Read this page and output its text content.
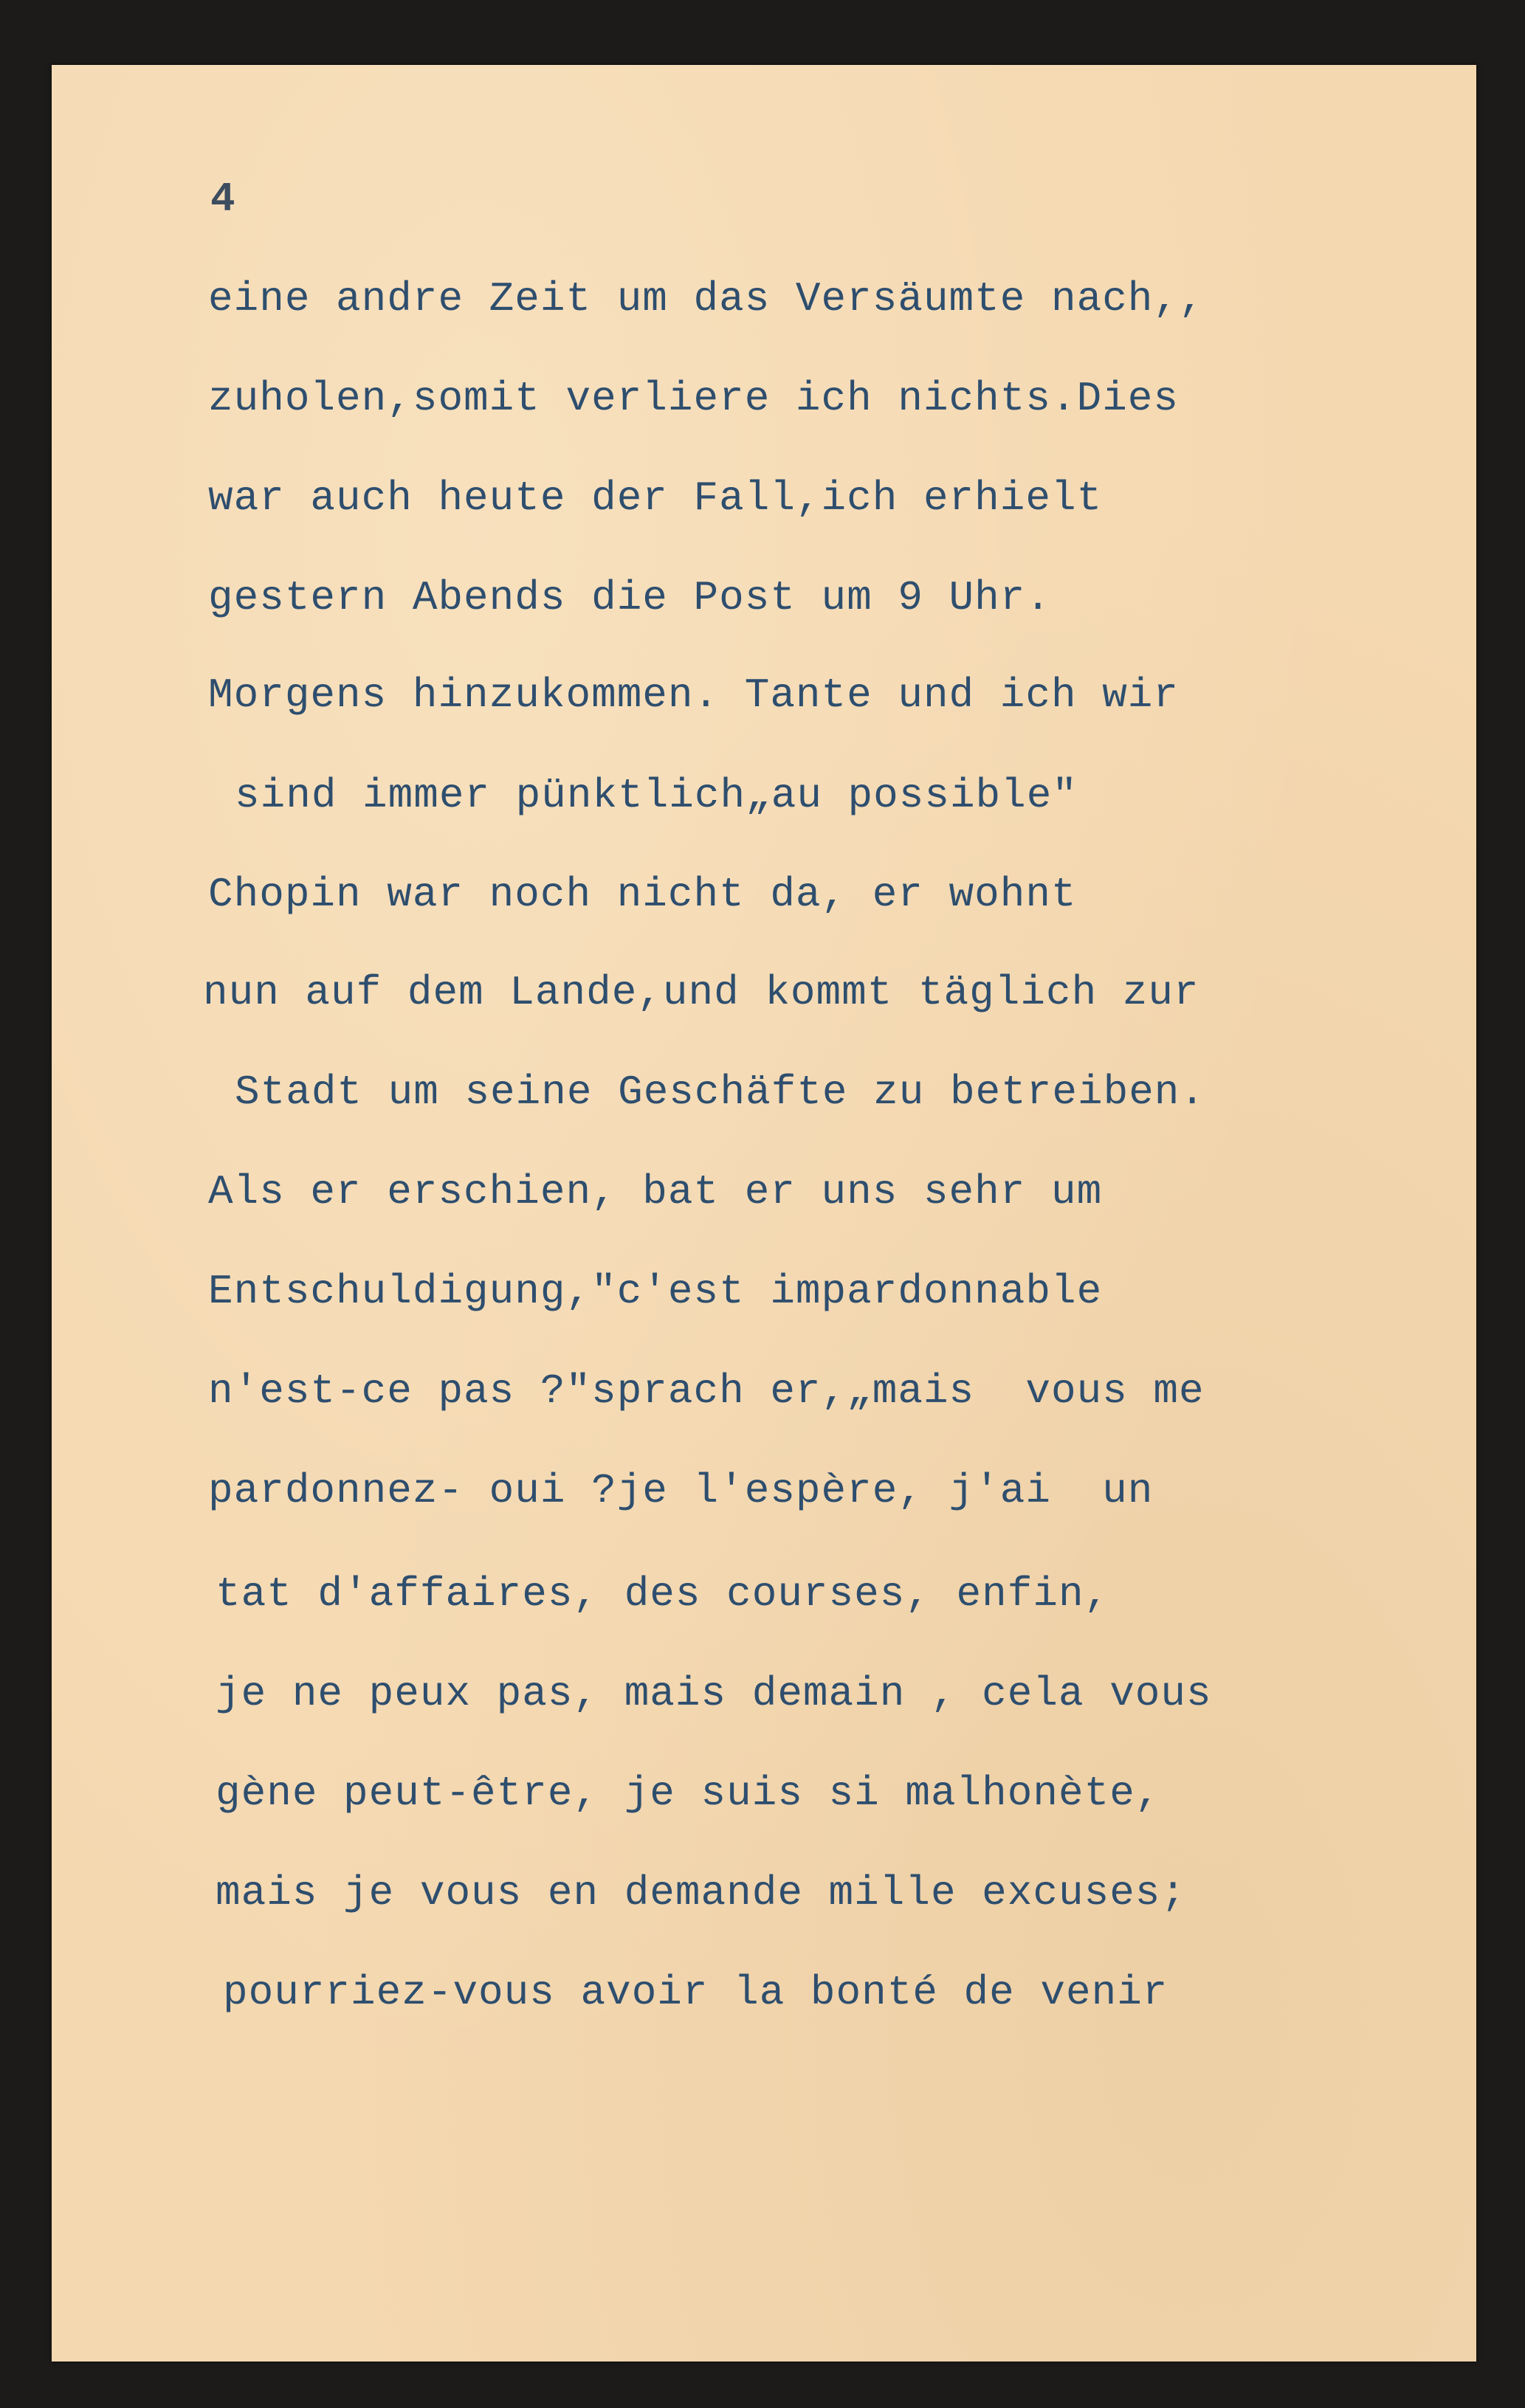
4

eine andre Zeit um das Versäumte nach,,

zuholen,somit verliere ich nichts.Dies

war auch heute der Fall,ich erhielt

gestern Abends die Post um 9 Uhr.

Morgens hinzukommen. Tante und ich wir

sind immer pünktlich„au possible"

Chopin war noch nicht da, er wohnt

nun auf dem Lande,und kommt täglich zur

Stadt um seine Geschäfte zu betreiben.

Als er erschien, bat er uns sehr um

Entschuldigung,"c'est impardonnable

n'est-ce pas ?"sprach er,„mais  vous me

pardonnez- oui ?je l'espère, j'ai  un

tat d'affaires, des courses, enfin,

je ne peux pas, mais demain , cela vous

gène peut-être, je suis si malhonète,

mais je vous en demande mille excuses;

pourriez-vous avoir la bonté de venir
